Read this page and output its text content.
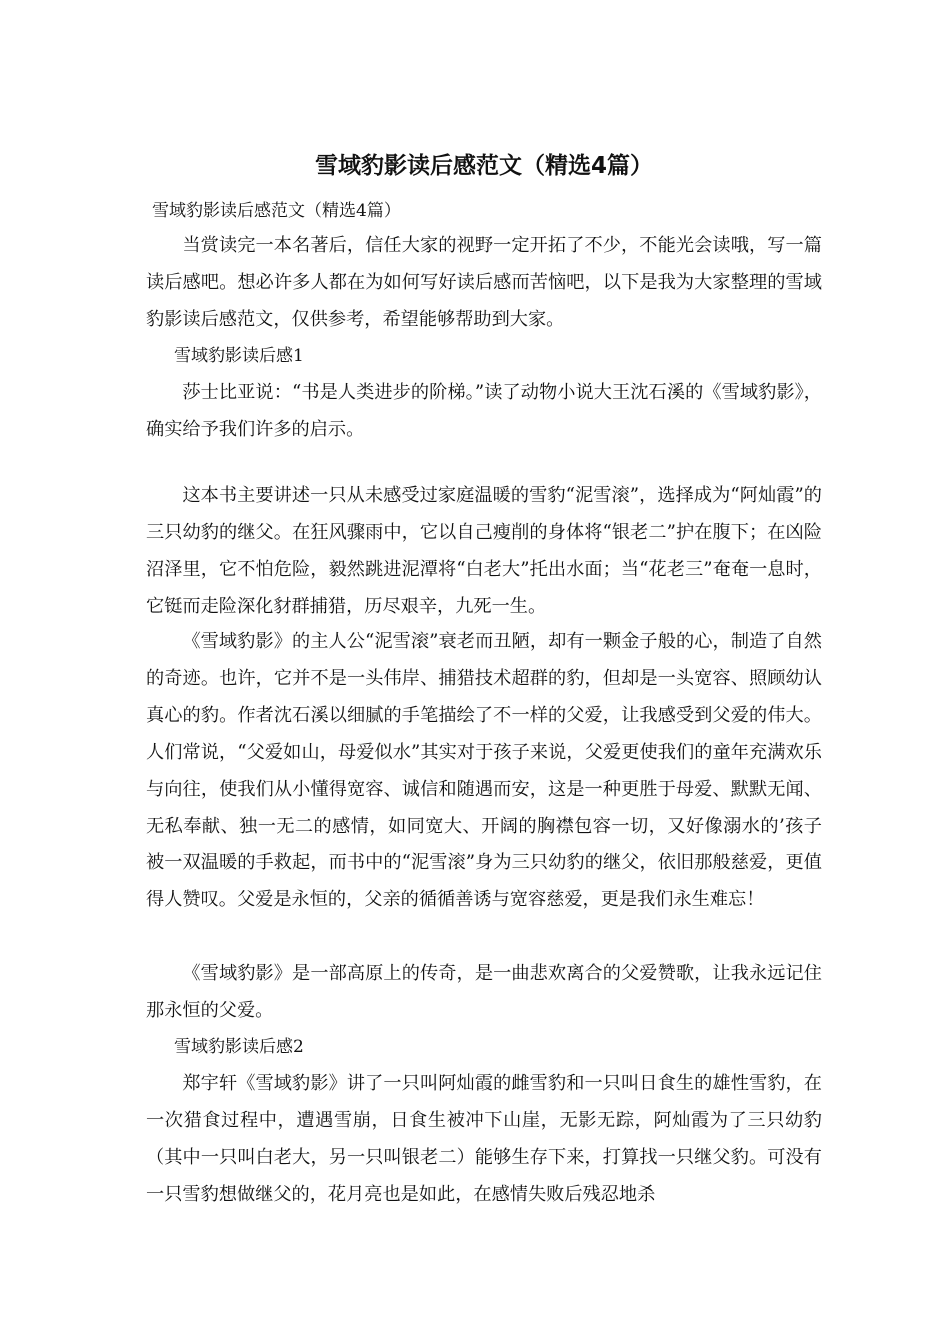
雪域豹影读后感范文（精选4篇）
雪域豹影读后感范文（精选4篇）

当赏读完一本名著后，信任大家的视野一定开拓了不少，不能光会读哦，写一篇读后感吧。想必许多人都在为如何写好读后感而苦恼吧，以下是我为大家整理的雪域豹影读后感范文，仅供参考，希望能够帮助到大家。

雪域豹影读后感1

莎士比亚说：“书是人类进步的阶梯。”读了动物小说大王沈石溪的《雪域豹影》，确实给予我们许多的启示。

这本书主要讲述一只从未感受过家庭温暖的雪豹“泥雪滚”，选择成为“阿灿霞”的三只幼豹的继父。在狂风骤雨中，它以自己瘦削的身体将“银老二”护在腹下；在凶险沼泽里，它不怕危险，毅然跳进泥潭将“白老大”托出水面；当“花老三”奄奄一息时，它铤而走险深化豺群捕猎，历尽艰辛，九死一生。

《雪域豹影》的主人公“泥雪滚”衰老而丑陋，却有一颗金子般的心，制造了自然的奇迹。也许，它并不是一头伟岸、捕猎技术超群的豹，但却是一头宽容、照顾幼认真心的豹。作者沈石溪以细腻的手笔描绘了不一样的父爱，让我感受到父爱的伟大。人们常说，“父爱如山，母爱似水”其实对于孩子来说，父爱更使我们的童年充满欢乐与向往，使我们从小懂得宽容、诚信和随遇而安，这是一种更胜于母爱、默默无闻、无私奉献、独一无二的感情，如同宽大、开阔的胸襟包容一切，又好像溺水的’孩子被一双温暖的手救起，而书中的“泥雪滚”身为三只幼豹的继父，依旧那般慈爱，更值得人赞叹。父爱是永恒的，父亲的循循善诱与宽容慈爱，更是我们永生难忘！

《雪域豹影》是一部高原上的传奇，是一曲悲欢离合的父爱赞歌，让我永远记住那永恒的父爱。

雪域豹影读后感2

郑宇轩《雪域豹影》讲了一只叫阿灿霞的雌雪豹和一只叫日食生的雄性雪豹，在一次猎食过程中，遭遇雪崩，日食生被冲下山崖，无影无踪，阿灿霞为了三只幼豹（其中一只叫白老大，另一只叫银老二）能够生存下来，打算找一只继父豹。可没有一只雪豹想做继父的，花月亮也是如此，在感情失败后残忍地杀
